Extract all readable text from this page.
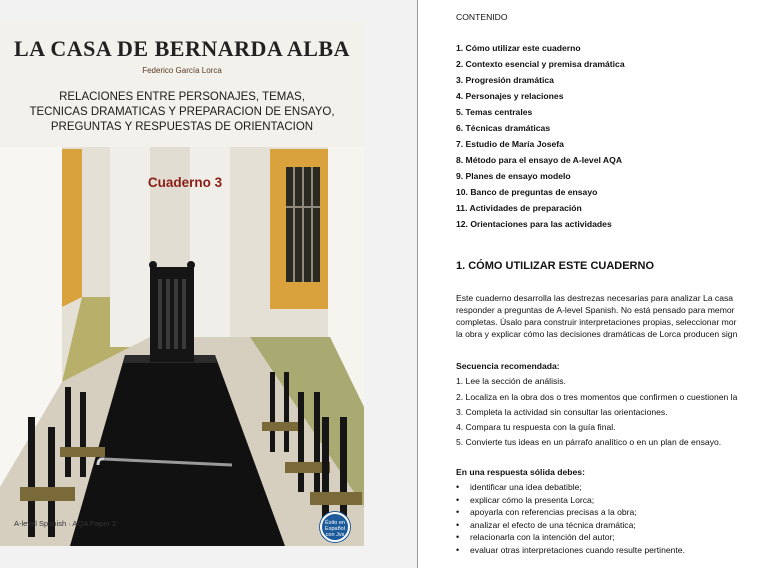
LA CASA DE BERNARDA ALBA
Federico García Lorca
RELACIONES ENTRE PERSONAJES, TEMAS,
TECNICAS DRAMATICAS Y PREPARACION DE ENSAYO,
PREGUNTAS Y RESPUESTAS DE ORIENTACION
Cuaderno 3
A-level Spanish · AQA Paper 2	Éxito en
Español
con Jvs
CONTENIDO
1. Cómo utilizar este cuaderno
2. Contexto esencial y premisa dramática
3. Progresión dramática
4. Personajes y relaciones
5. Temas centrales
6. Técnicas dramáticas
7. Estudio de María Josefa
8. Método para el ensayo de A-level AQA
9. Planes de ensayo modelo
10. Banco de preguntas de ensayo
11. Actividades de preparación
12. Orientaciones para las actividades
1. CÓMO UTILIZAR ESTE CUADERNO
Este cuaderno desarrolla las destrezas necesarias para analizar La casa
responder a preguntas de A-level Spanish. No está pensado para memor
completas. Úsalo para construir interpretaciones propias, seleccionar mor
la obra y explicar cómo las decisiones dramáticas de Lorca producen sign
Secuencia recomendada:
1. Lee la sección de análisis.
2. Localiza en la obra dos o tres momentos que confirmen o cuestionen la
3. Completa la actividad sin consultar las orientaciones.
4. Compara tu respuesta con la guía final.
5. Convierte tus ideas en un párrafo analítico o en un plan de ensayo.
En una respuesta sólida debes:
• identificar una idea debatible;
• explicar cómo la presenta Lorca;
• apoyarla con referencias precisas a la obra;
• analizar el efecto de una técnica dramática;
• relacionarla con la intención del autor;
• evaluar otras interpretaciones cuando resulte pertinente.
